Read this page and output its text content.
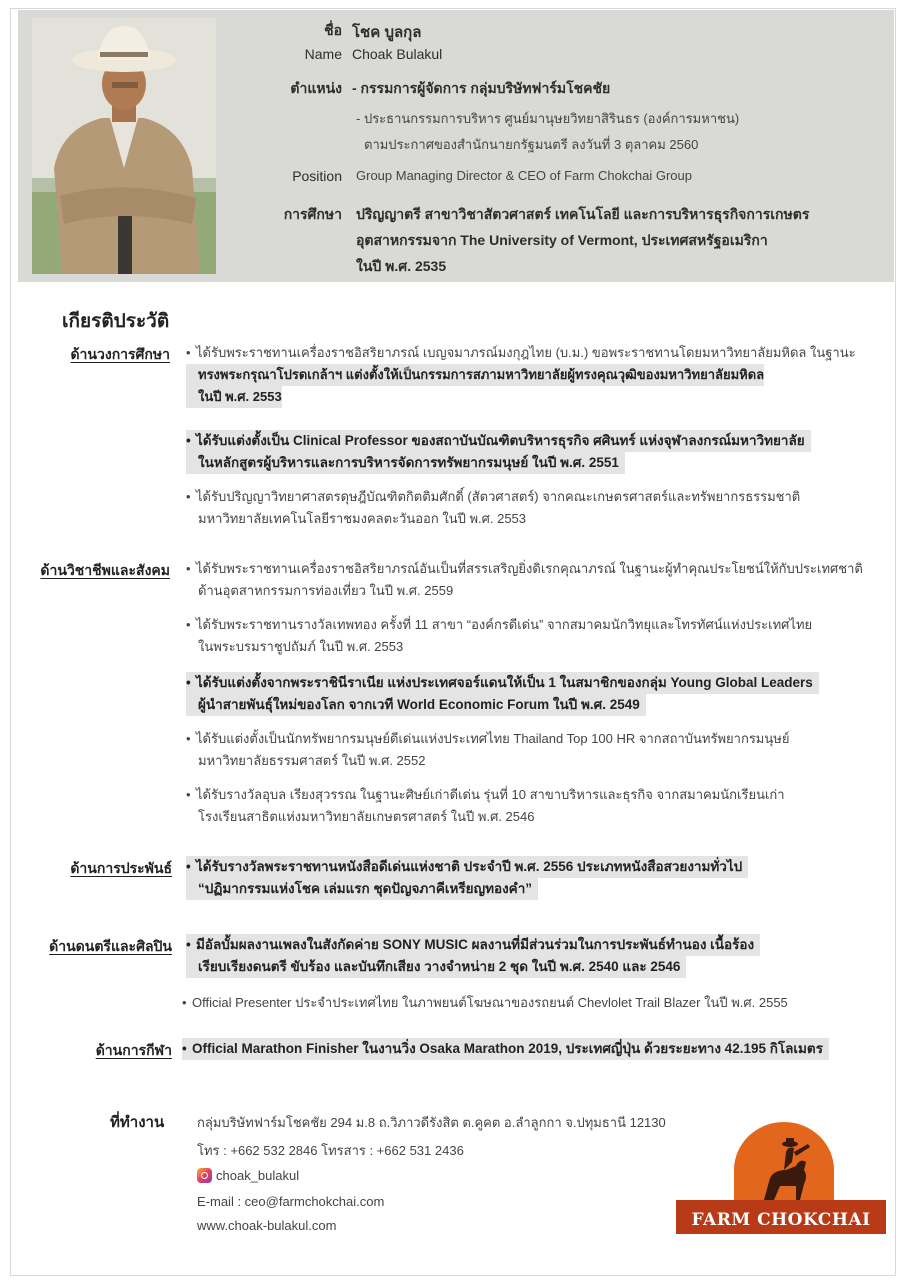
ชื่อ โชค บูลกุล
Name Choak Bulakul
ตำแหน่ง - กรรมการผู้จัดการ กลุ่มบริษัทฟาร์มโชคชัย
- ประธานกรรมการบริหาร ศูนย์มานุษยวิทยาสิรินธร (องค์การมหาชน)
ตามประกาศของสำนักนายกรัฐมนตรี ลงวันที่ 3 ตุลาคม 2560
Position Group Managing Director & CEO of Farm Chokchai Group
การศึกษา ปริญญาตรี สาขาวิชาสัตวศาสตร์ เทคโนโลยี และการบริหารธุรกิจการเกษตร
อุตสาหกรรมจาก The University of Vermont, ประเทศสหรัฐอเมริกา
ในปี พ.ศ. 2535
เกียรติประวัติ
ด้านวงการศึกษา • ได้รับพระราชทานเครื่องราชอิสริยาภรณ์ เบญจมาภรณ์มงกุฎไทย (บ.ม.) ขอพระราชทานโดยมหาวิทยาลัยมหิดล ในฐานะ
ทรงพระกรุณาโปรดเกล้าฯ แต่งตั้งให้เป็นกรรมการสภามหาวิทยาลัยผู้ทรงคุณวุฒิของมหาวิทยาลัยมหิดล
ในปี พ.ศ. 2553
• ได้รับแต่งตั้งเป็น Clinical Professor ของสถาบันบัณฑิตบริหารธุรกิจ ศศินทร์ แห่งจุฬาลงกรณ์มหาวิทยาลัย
ในหลักสูตรผู้บริหารและการบริหารจัดการทรัพยากรมนุษย์ ในปี พ.ศ. 2551
• ได้รับปริญญาวิทยาศาสตรดุษฎีบัณฑิตกิตติมศักดิ์ (สัตวศาสตร์) จากคณะเกษตรศาสตร์และทรัพยากรธรรมชาติ
มหาวิทยาลัยเทคโนโลยีราชมงคลตะวันออก ในปี พ.ศ. 2553
ด้านวิชาชีพและสังคม • ได้รับพระราชทานเครื่องราชอิสริยาภรณ์อันเป็นที่สรรเสริญยิ่งดิเรกคุณาภรณ์ ในฐานะผู้ทำคุณประโยชน์ให้กับประเทศชาติ
ด้านอุตสาหกรรมการท่องเที่ยว ในปี พ.ศ. 2559
• ได้รับพระราชทานรางวัลเทพทอง ครั้งที่ 11 สาขา “องค์กรดีเด่น” จากสมาคมนักวิทยุและโทรทัศน์แห่งประเทศไทย
ในพระบรมราชูปถัมภ์ ในปี พ.ศ. 2553
• ได้รับแต่งตั้งจากพระราชินีราเนีย แห่งประเทศจอร์แดนให้เป็น 1 ในสมาชิกของกลุ่ม Young Global Leaders
ผู้นำสายพันธุ์ใหม่ของโลก จากเวที World Economic Forum ในปี พ.ศ. 2549
• ได้รับแต่งตั้งเป็นนักทรัพยากรมนุษย์ดีเด่นแห่งประเทศไทย Thailand Top 100 HR จากสถาบันทรัพยากรมนุษย์
มหาวิทยาลัยธรรมศาสตร์ ในปี พ.ศ. 2552
• ได้รับรางวัลอุบล เรียงสุวรรณ ในฐานะศิษย์เก่าดีเด่น รุ่นที่ 10 สาขาบริหารและธุรกิจ จากสมาคมนักเรียนเก่า
โรงเรียนสาธิตแห่งมหาวิทยาลัยเกษตรศาสตร์ ในปี พ.ศ. 2546
ด้านการประพันธ์ • ได้รับรางวัลพระราชทานหนังสือดีเด่นแห่งชาติ ประจำปี พ.ศ. 2556 ประเภทหนังสือสวยงามทั่วไป
“ปฏิมากรรมแห่งโชค เล่มแรก ชุดปัญจภาคีเหรียญทองคำ”
ด้านดนตรีและศิลปิน • มีอัลบั้มผลงานเพลงในสังกัดค่าย SONY MUSIC ผลงานที่มีส่วนร่วมในการประพันธ์ทำนอง เนื้อร้อง
เรียบเรียงดนตรี ขับร้อง และบันทึกเสียง วางจำหน่าย 2 ชุด ในปี พ.ศ. 2540 และ 2546
• Official Presenter ประจำประเทศไทย ในภาพยนต์โฆษณาของรถยนต์ Chevlolet Trail Blazer ในปี พ.ศ. 2555
ด้านการกีฬา • Official Marathon Finisher ในงานวิ่ง Osaka Marathon 2019, ประเทศญี่ปุ่น ด้วยระยะทาง 42.195 กิโลเมตร
ที่ทำงาน	กลุ่มบริษัทฟาร์มโชคชัย 294 ม.8 ถ.วิภาวดีรังสิต ต.คูคต อ.ลำลูกกา จ.ปทุมธานี 12130
โทร : +662 532 2846 โทรสาร : +662 531 2436
choak_bulakul
E-mail : ceo@farmchokchai.com
www.choak-bulakul.com
SINCE 1957	GROUP
FARM CHOKCHAI
